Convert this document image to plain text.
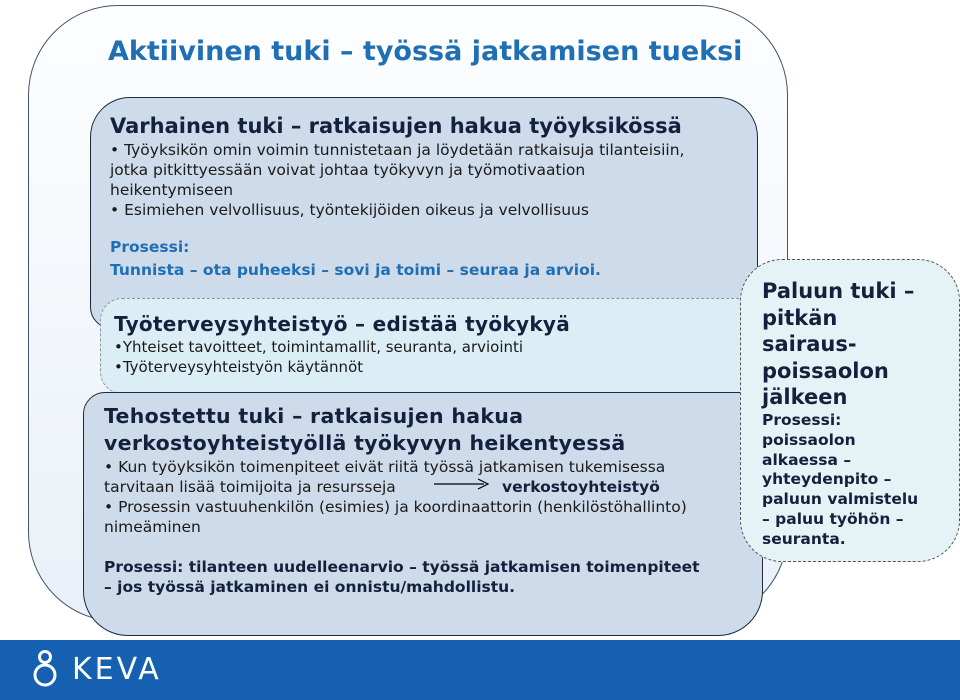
Aktiivinen tuki – työssä jatkamisen tueksi
Varhainen tuki – ratkaisujen hakua työyksikössä
• Työyksikön omin voimin tunnistetaan ja löydetään ratkaisuja tilanteisiin,
jotka pitkittyessään voivat johtaa työkyvyn ja työmotivaation
heikentymiseen
• Esimiehen velvollisuus, työntekijöiden oikeus ja velvollisuus
Prosessi:
Tunnista – ota puheeksi – sovi ja toimi – seuraa ja arvioi.
Työterveysyhteistyö – edistää työkykyä
•Yhteiset tavoitteet, toimintamallit, seuranta, arviointi
•Työterveysyhteistyön käytännöt
Tehostettu tuki – ratkaisujen hakua
verkostoyhteistyöllä työkyvyn heikentyessä
• Kun työyksikön toimenpiteet eivät riitä työssä jatkamisen tukemisessa
tarvitaan lisää toimijoita ja resursseja	verkostoyhteistyö
• Prosessin vastuuhenkilön (esimies) ja koordinaattorin (henkilöstöhallinto)
nimeäminen
Prosessi: tilanteen uudelleenarvio – työssä jatkamisen toimenpiteet
– jos työssä jatkaminen ei onnistu/mahdollistu.
Paluun tuki –
pitkän
sairaus-
poissaolon
jälkeen
Prosessi:
poissaolon
alkaessa –
yhteydenpito –
paluun valmistelu
– paluu työhön –
seuranta.
KEVA
